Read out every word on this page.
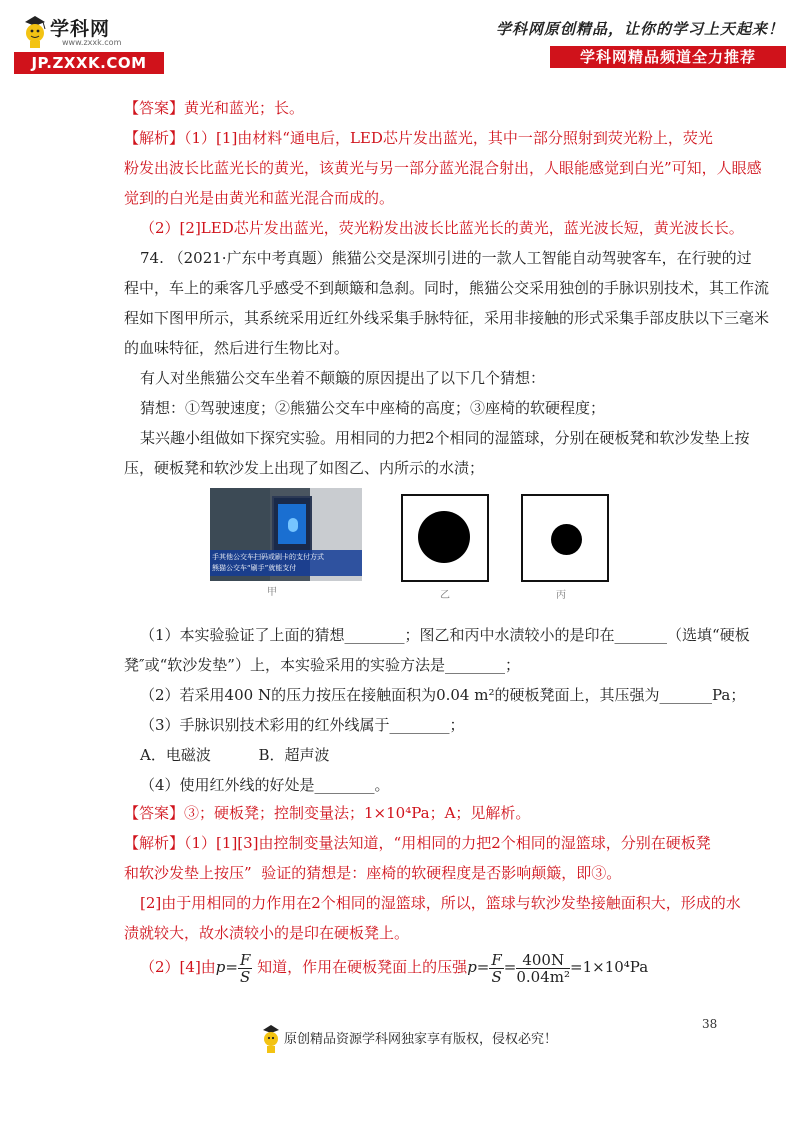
学科网
www.zxxk.com
JP.ZXXK.COM
学科网原创精品，让你的学习上天起来！
学科网精品频道全力推荐
【答案】黄光和蓝光；长。
【解析】（1）[1]由材料“通电后，LED芯片发出蓝光，其中一部分照射到荧光粉上，荧光
粉发出波长比蓝光长的黄光，该黄光与另一部分蓝光混合射出，人眼能感觉到白光”可知，人眼感
觉到的白光是由黄光和蓝光混合而成的。
（2）[2]LED芯片发出蓝光，荧光粉发出波长比蓝光长的黄光，蓝光波长短，黄光波长长。
74. （2021·广东中考真题）熊猫公交是深圳引进的一款人工智能自动驾驶客车，在行驶的过
程中，车上的乘客几乎感受不到颠簸和急刹。同时，熊猫公交采用独创的手脉识别技术，其工作流
程如下图甲所示，其系统采用近红外线采集手脉特征，采用非接触的形式采集手部皮肤以下三毫米
的血味特征，然后进行生物比对。
有人对坐熊猫公交车坐着不颠簸的原因提出了以下几个猜想：
猜想：①驾驶速度；②熊猫公交车中座椅的高度；③座椅的软硬程度；
某兴趣小组做如下探究实验。用相同的力把2个相同的湿篮球，分别在硬板凳和软沙发垫上按
压，硬板凳和软沙发上出现了如图乙、内所示的水渍；
手其他公交车扫码或刷卡的支付方式
熊猫公交车“刷手”就能支付
甲	乙	丙
（1）本实验验证了上面的猜想________；图乙和丙中水渍较小的是印在_______（选填“硬板
凳″或“软沙发垫”）上，本实验采用的实验方法是________；
（2）若采用400 N的压力按压在接触面积为0.04 m²的硬板凳面上，其压强为_______Pa；
（3）手脉识别技术彩用的红外线属于________；
A．电磁波          B．超声波
（4）使用红外线的好处是________。
【答案】③；硬板凳；控制变量法；1×10⁴Pa；A；见解析。
【解析】（1）[1][3]由控制变量法知道，“用相同的力把2个相同的湿篮球，分别在硬板凳
和软沙发垫上按压”  验证的猜想是：座椅的软硬程度是否影响颠簸，即③。
[2]由于用相同的力作用在2个相同的湿篮球，所以，篮球与软沙发垫接触面积大，形成的水
渍就较大，故水渍较小的是印在硬板凳上。
（2）[4]由$p= \frac{F}{S}$ 知道，作用在硬板凳面上的压强$p= \frac{F}{S} = \frac{400N}{\text{0.04m²}} =1\times 10^4Pa$
38
原创精品资源学科网独家享有版权，侵权必究！
